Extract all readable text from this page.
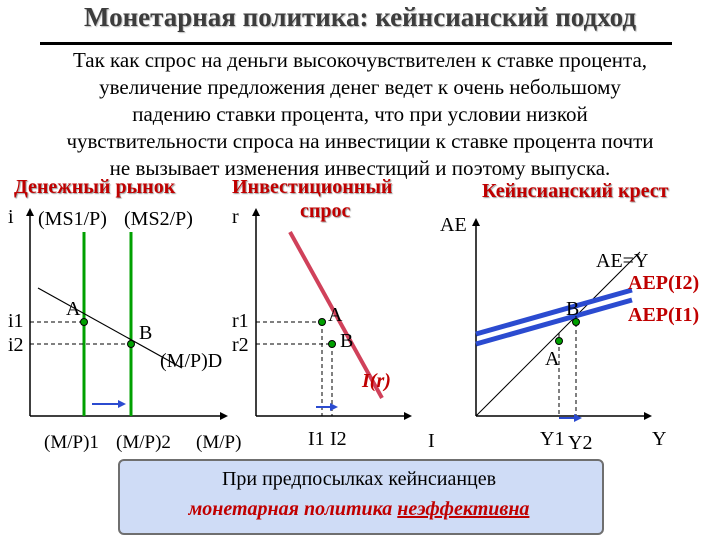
Монетарная политика: кейнсианский подход
Так как спрос на деньги высокочувствителен к ставке процента,
увеличение предложения денег ведет к очень небольшому
падению ставки процента, что при условии низкой
чувствительности спроса на инвестиции к ставке процента почти
не вызывает изменения инвестиций и поэтому выпуска.
Денежный рынок	Инвестиционный
спрос
Кейнсианский крест
i (MS1/P) (MS2/P)
i1
i2
A
B
(M/P)D
(M/P)1 (M/P)2 (M/P)
r
r1
r2
A
B
I(r)
I1 I2	I
AE
AE=Y
AEP(I2)
AEP(I1)
B
A
Y1 Y2	Y
При предпосылках кейнсианцев
монетарная политика неэффективна
